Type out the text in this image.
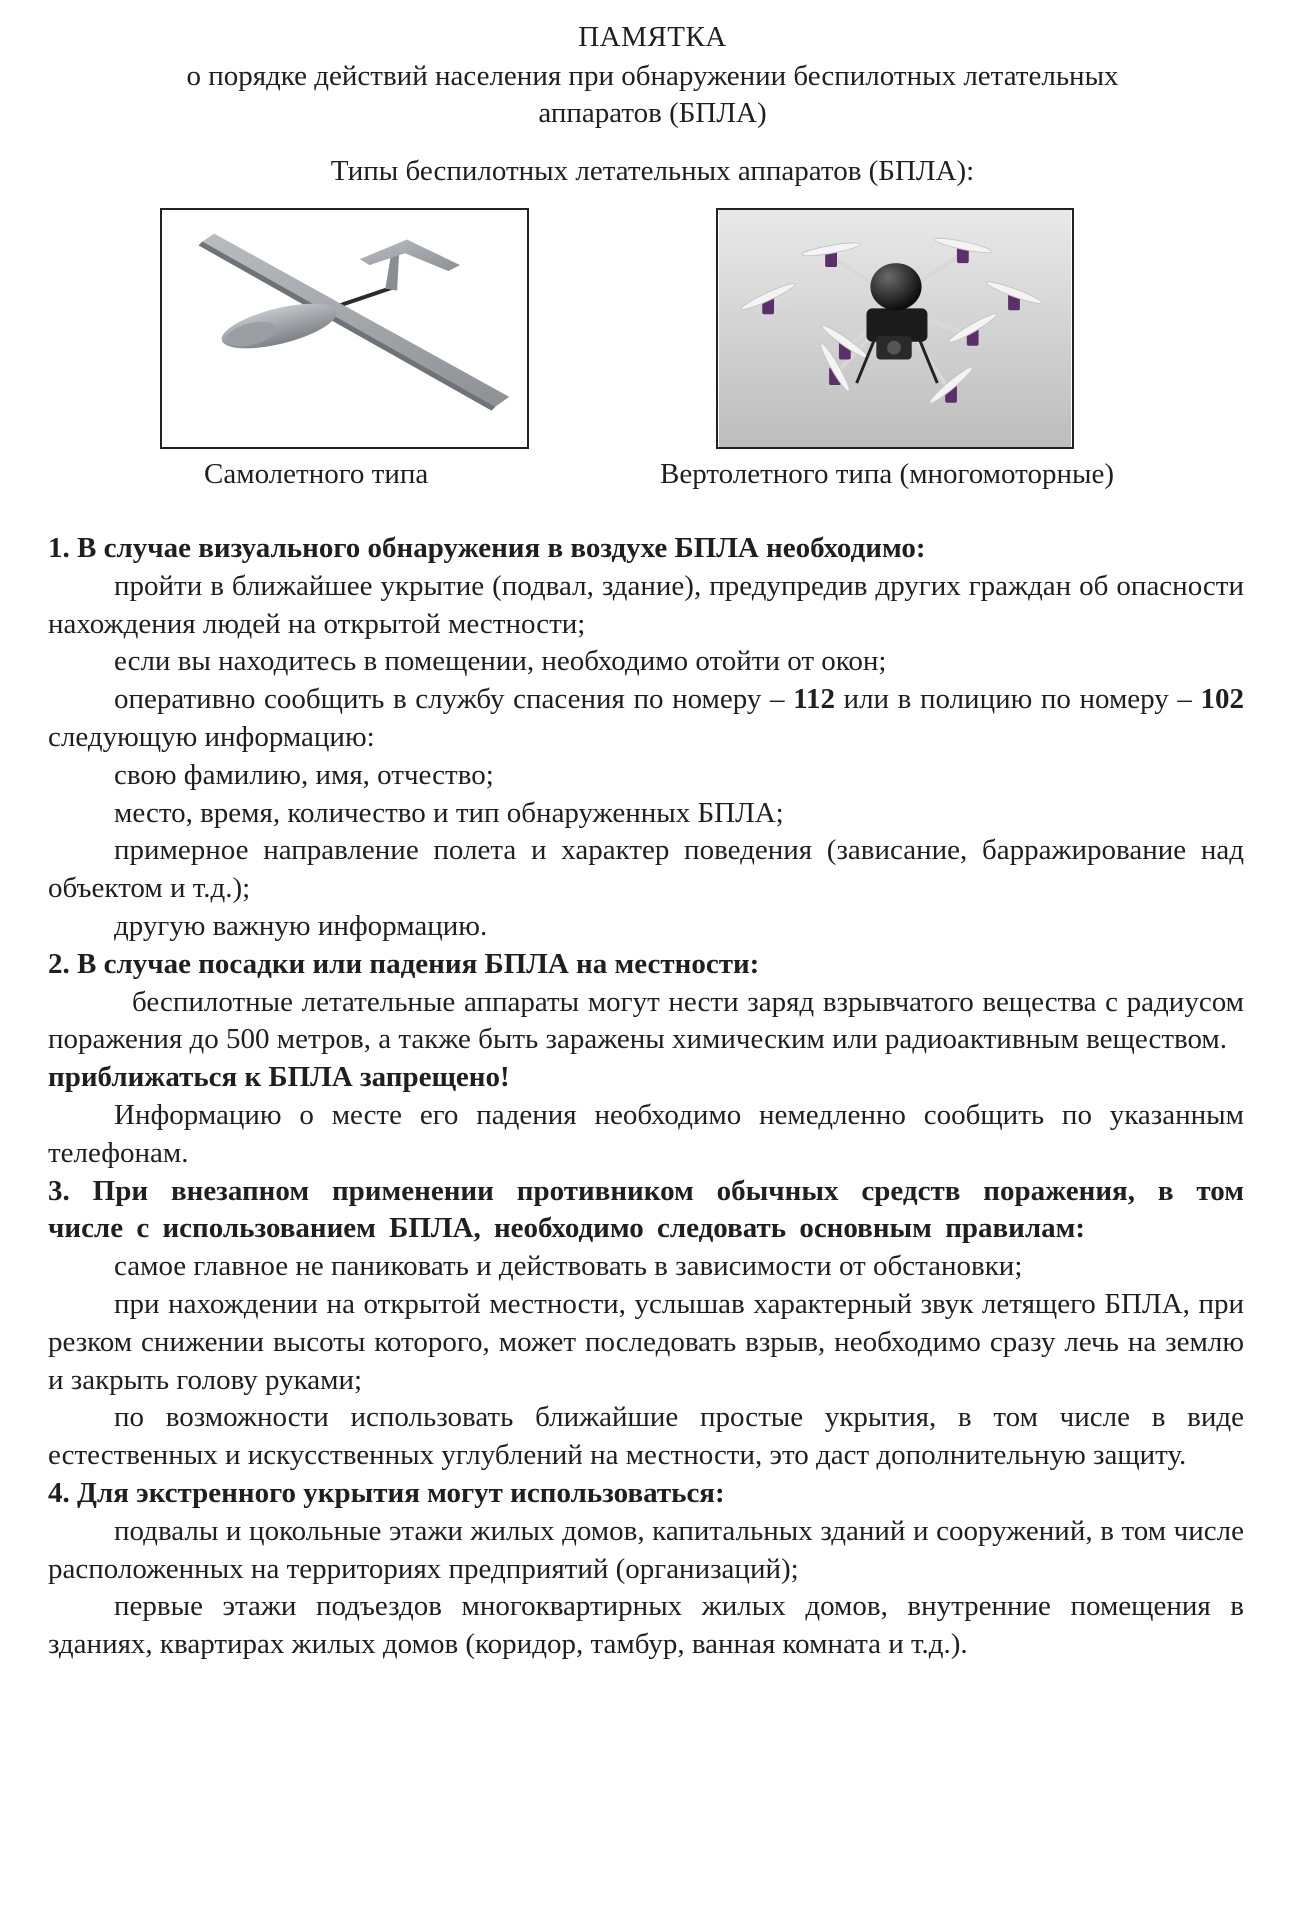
ПАМЯТКА
о порядке действий населения при обнаружении беспилотных летательных
аппаратов (БПЛА)
Типы беспилотных летательных аппаратов (БПЛА):
Самолетного типа	Вертолетного типа (многомоторные)

1. В случае визуального обнаружения в воздухе БПЛА необходимо:

пройти в ближайшее укрытие (подвал, здание), предупредив других граждан об опасности нахождения людей на открытой местности;

если вы находитесь в помещении, необходимо отойти от окон;

оперативно сообщить в службу спасения по номеру – 112 или в полицию по номеру – 102 следующую информацию:

свою фамилию, имя, отчество;

место, время, количество и тип обнаруженных БПЛА;

примерное направление полета и характер поведения (зависание, барражирование над объектом и т.д.);

другую важную информацию.

2. В случае посадки или падения БПЛА на местности:

беспилотные летательные аппараты могут нести заряд взрывчатого вещества с радиусом поражения до 500 метров, а также быть заражены химическим или радиоактивным веществом.

приближаться к БПЛА запрещено!

Информацию о месте его падения необходимо немедленно сообщить по указанным телефонам.

3. При внезапном применении противником обычных средств поражения, в том числе с использованием БПЛА, необходимо следовать основным правилам:

самое главное не паниковать и действовать в зависимости от обстановки;

при нахождении на открытой местности, услышав характерный звук летящего БПЛА, при резком снижении высоты которого, может последовать взрыв, необходимо сразу лечь на землю и закрыть голову руками;

по возможности использовать ближайшие простые укрытия, в том числе в виде естественных и искусственных углублений на местности, это даст дополнительную защиту.

4. Для экстренного укрытия могут использоваться:

подвалы и цокольные этажи жилых домов, капитальных зданий и сооружений, в том числе расположенных на территориях предприятий (организаций);

первые этажи подъездов многоквартирных жилых домов, внутренние помещения в зданиях, квартирах жилых домов (коридор, тамбур, ванная комната и т.д.).
